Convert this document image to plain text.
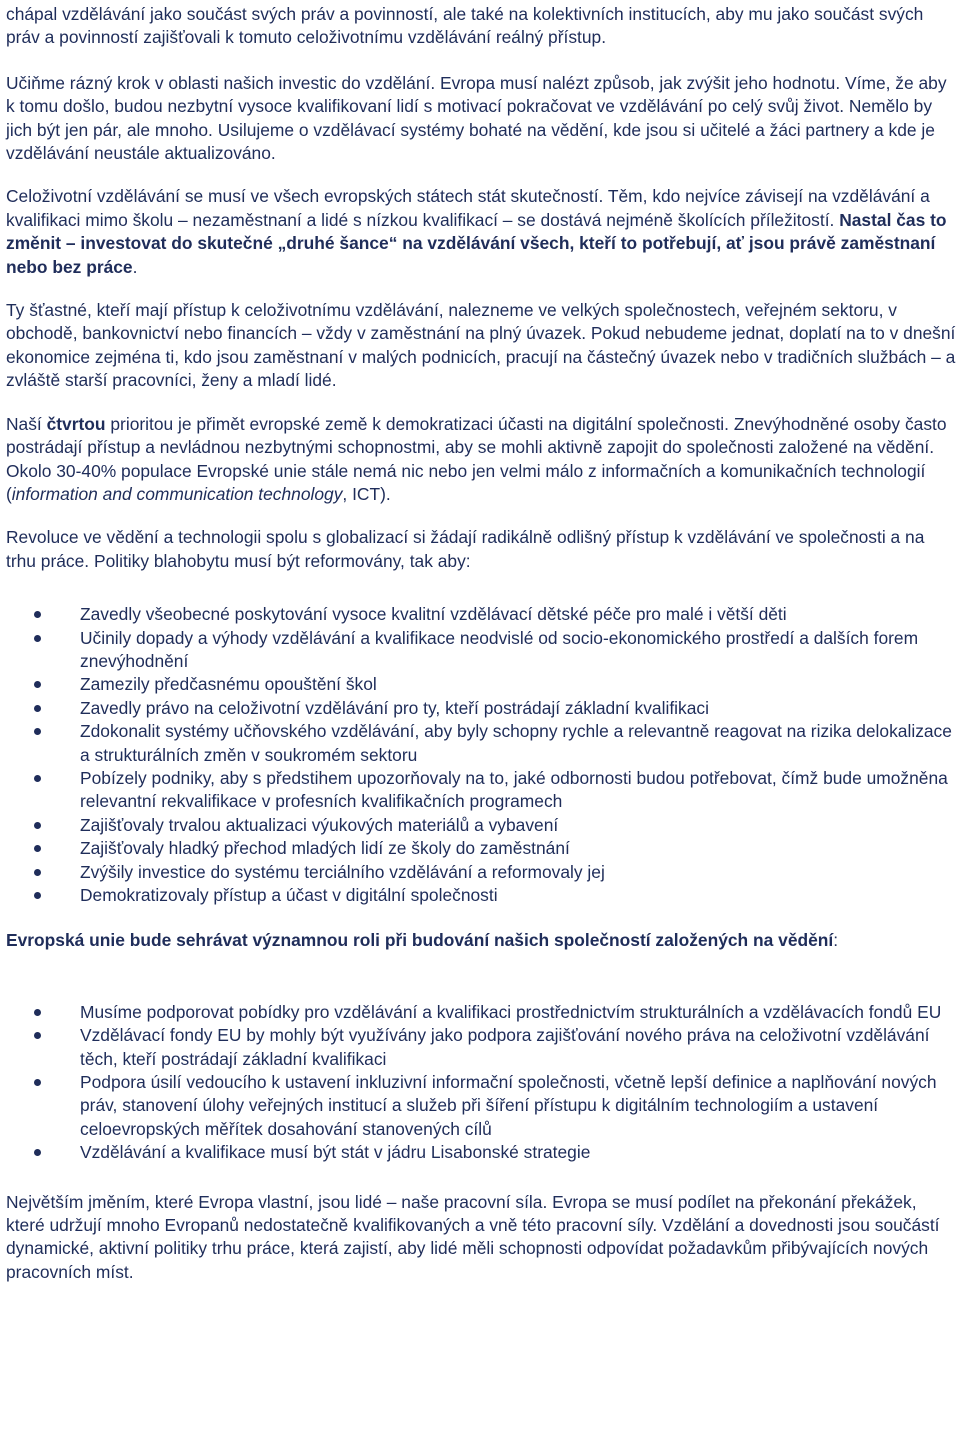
chápal vzdělávání jako součást svých práv a povinností, ale také na kolektivních institucích, aby mu jako součást svých práv a povinností zajišťovali k tomuto celoživotnímu vzdělávání reálný přístup.

Učiňme rázný krok v oblasti našich investic do vzdělání. Evropa musí nalézt způsob, jak zvýšit jeho hodnotu. Víme, že aby k tomu došlo, budou nezbytní vysoce kvalifikovaní lidí s motivací pokračovat ve vzdělávání po celý svůj život. Nemělo by jich být jen pár, ale mnoho. Usilujeme o vzdělávací systémy bohaté na vědění, kde jsou si učitelé a žáci partnery a kde je vzdělávání neustále aktualizováno.

Celoživotní vzdělávání se musí ve všech evropských státech stát skutečností. Těm, kdo nejvíce závisejí na vzdělávání a kvalifikaci mimo školu – nezaměstnaní a lidé s nízkou kvalifikací – se dostává nejméně školících příležitostí. Nastal čas to změnit – investovat do skutečné „druhé šance“ na vzdělávání všech, kteří to potřebují, ať jsou právě zaměstnaní nebo bez práce.

Ty šťastné, kteří mají přístup k celoživotnímu vzdělávání, nalezneme ve velkých společnostech, veřejném sektoru, v obchodě, bankovnictví nebo financích – vždy v zaměstnání na plný úvazek. Pokud nebudeme jednat, doplatí na to v dnešní ekonomice zejména ti, kdo jsou zaměstnaní v malých podnicích, pracují na částečný úvazek nebo v tradičních službách – a zvláště starší pracovníci, ženy a mladí lidé.

Naší čtvrtou prioritou je přimět evropské země k demokratizaci účasti na digitální společnosti. Znevýhodněné osoby často postrádají přístup a nevládnou nezbytnými schopnostmi, aby se mohli aktivně zapojit do společnosti založené na vědění. Okolo 30-40% populace Evropské unie stále nemá nic nebo jen velmi málo z informačních a komunikačních technologií (information and communication technology, ICT).

Revoluce ve vědění a technologii spolu s globalizací si žádají radikálně odlišný přístup k vzdělávání ve společnosti a na trhu práce. Politiky blahobytu musí být reformovány, tak aby:

Zavedly všeobecné poskytování vysoce kvalitní vzdělávací dětské péče pro malé i větší děti
Učinily dopady a výhody vzdělávání a kvalifikace neodvislé od socio-ekonomického prostředí a dalších forem znevýhodnění
Zamezily předčasnému opouštění škol
Zavedly právo na celoživotní vzdělávání pro ty, kteří postrádají základní kvalifikaci
Zdokonalit systémy učňovského vzdělávání, aby byly schopny rychle a relevantně reagovat na rizika delokalizace a strukturálních změn v soukromém sektoru
Pobízely podniky, aby s předstihem upozorňovaly na to, jaké odbornosti budou potřebovat, čímž bude umožněna relevantní rekvalifikace v profesních kvalifikačních programech
Zajišťovaly trvalou aktualizaci výukových materiálů a vybavení
Zajišťovaly hladký přechod mladých lidí ze školy do zaměstnání
Zvýšily investice do systému terciálního vzdělávání a reformovaly jej
Demokratizovaly přístup a účast v digitální společnosti

Evropská unie bude sehrávat významnou roli při budování našich společností založených na vědění:

Musíme podporovat pobídky pro vzdělávání a kvalifikaci prostřednictvím strukturálních a vzdělávacích fondů EU
Vzdělávací fondy EU by mohly být využívány jako podpora zajišťování nového práva na celoživotní vzdělávání těch, kteří postrádají základní kvalifikaci
Podpora úsilí vedoucího k ustavení inkluzivní informační společnosti, včetně lepší definice a naplňování nových práv, stanovení úlohy veřejných institucí a služeb při šíření přístupu k digitálním technologiím a ustavení celoevropských měřítek dosahování stanovených cílů
Vzdělávání a kvalifikace musí být stát v jádru Lisabonské strategie

Největším jměním, které Evropa vlastní, jsou lidé – naše pracovní síla. Evropa se musí podílet na překonání překážek, které udržují mnoho Evropanů nedostatečně kvalifikovaných a vně této pracovní síly. Vzdělání a dovednosti jsou součástí dynamické, aktivní politiky trhu práce, která zajistí, aby lidé měli schopnosti odpovídat požadavkům přibývajících nových pracovních míst.
